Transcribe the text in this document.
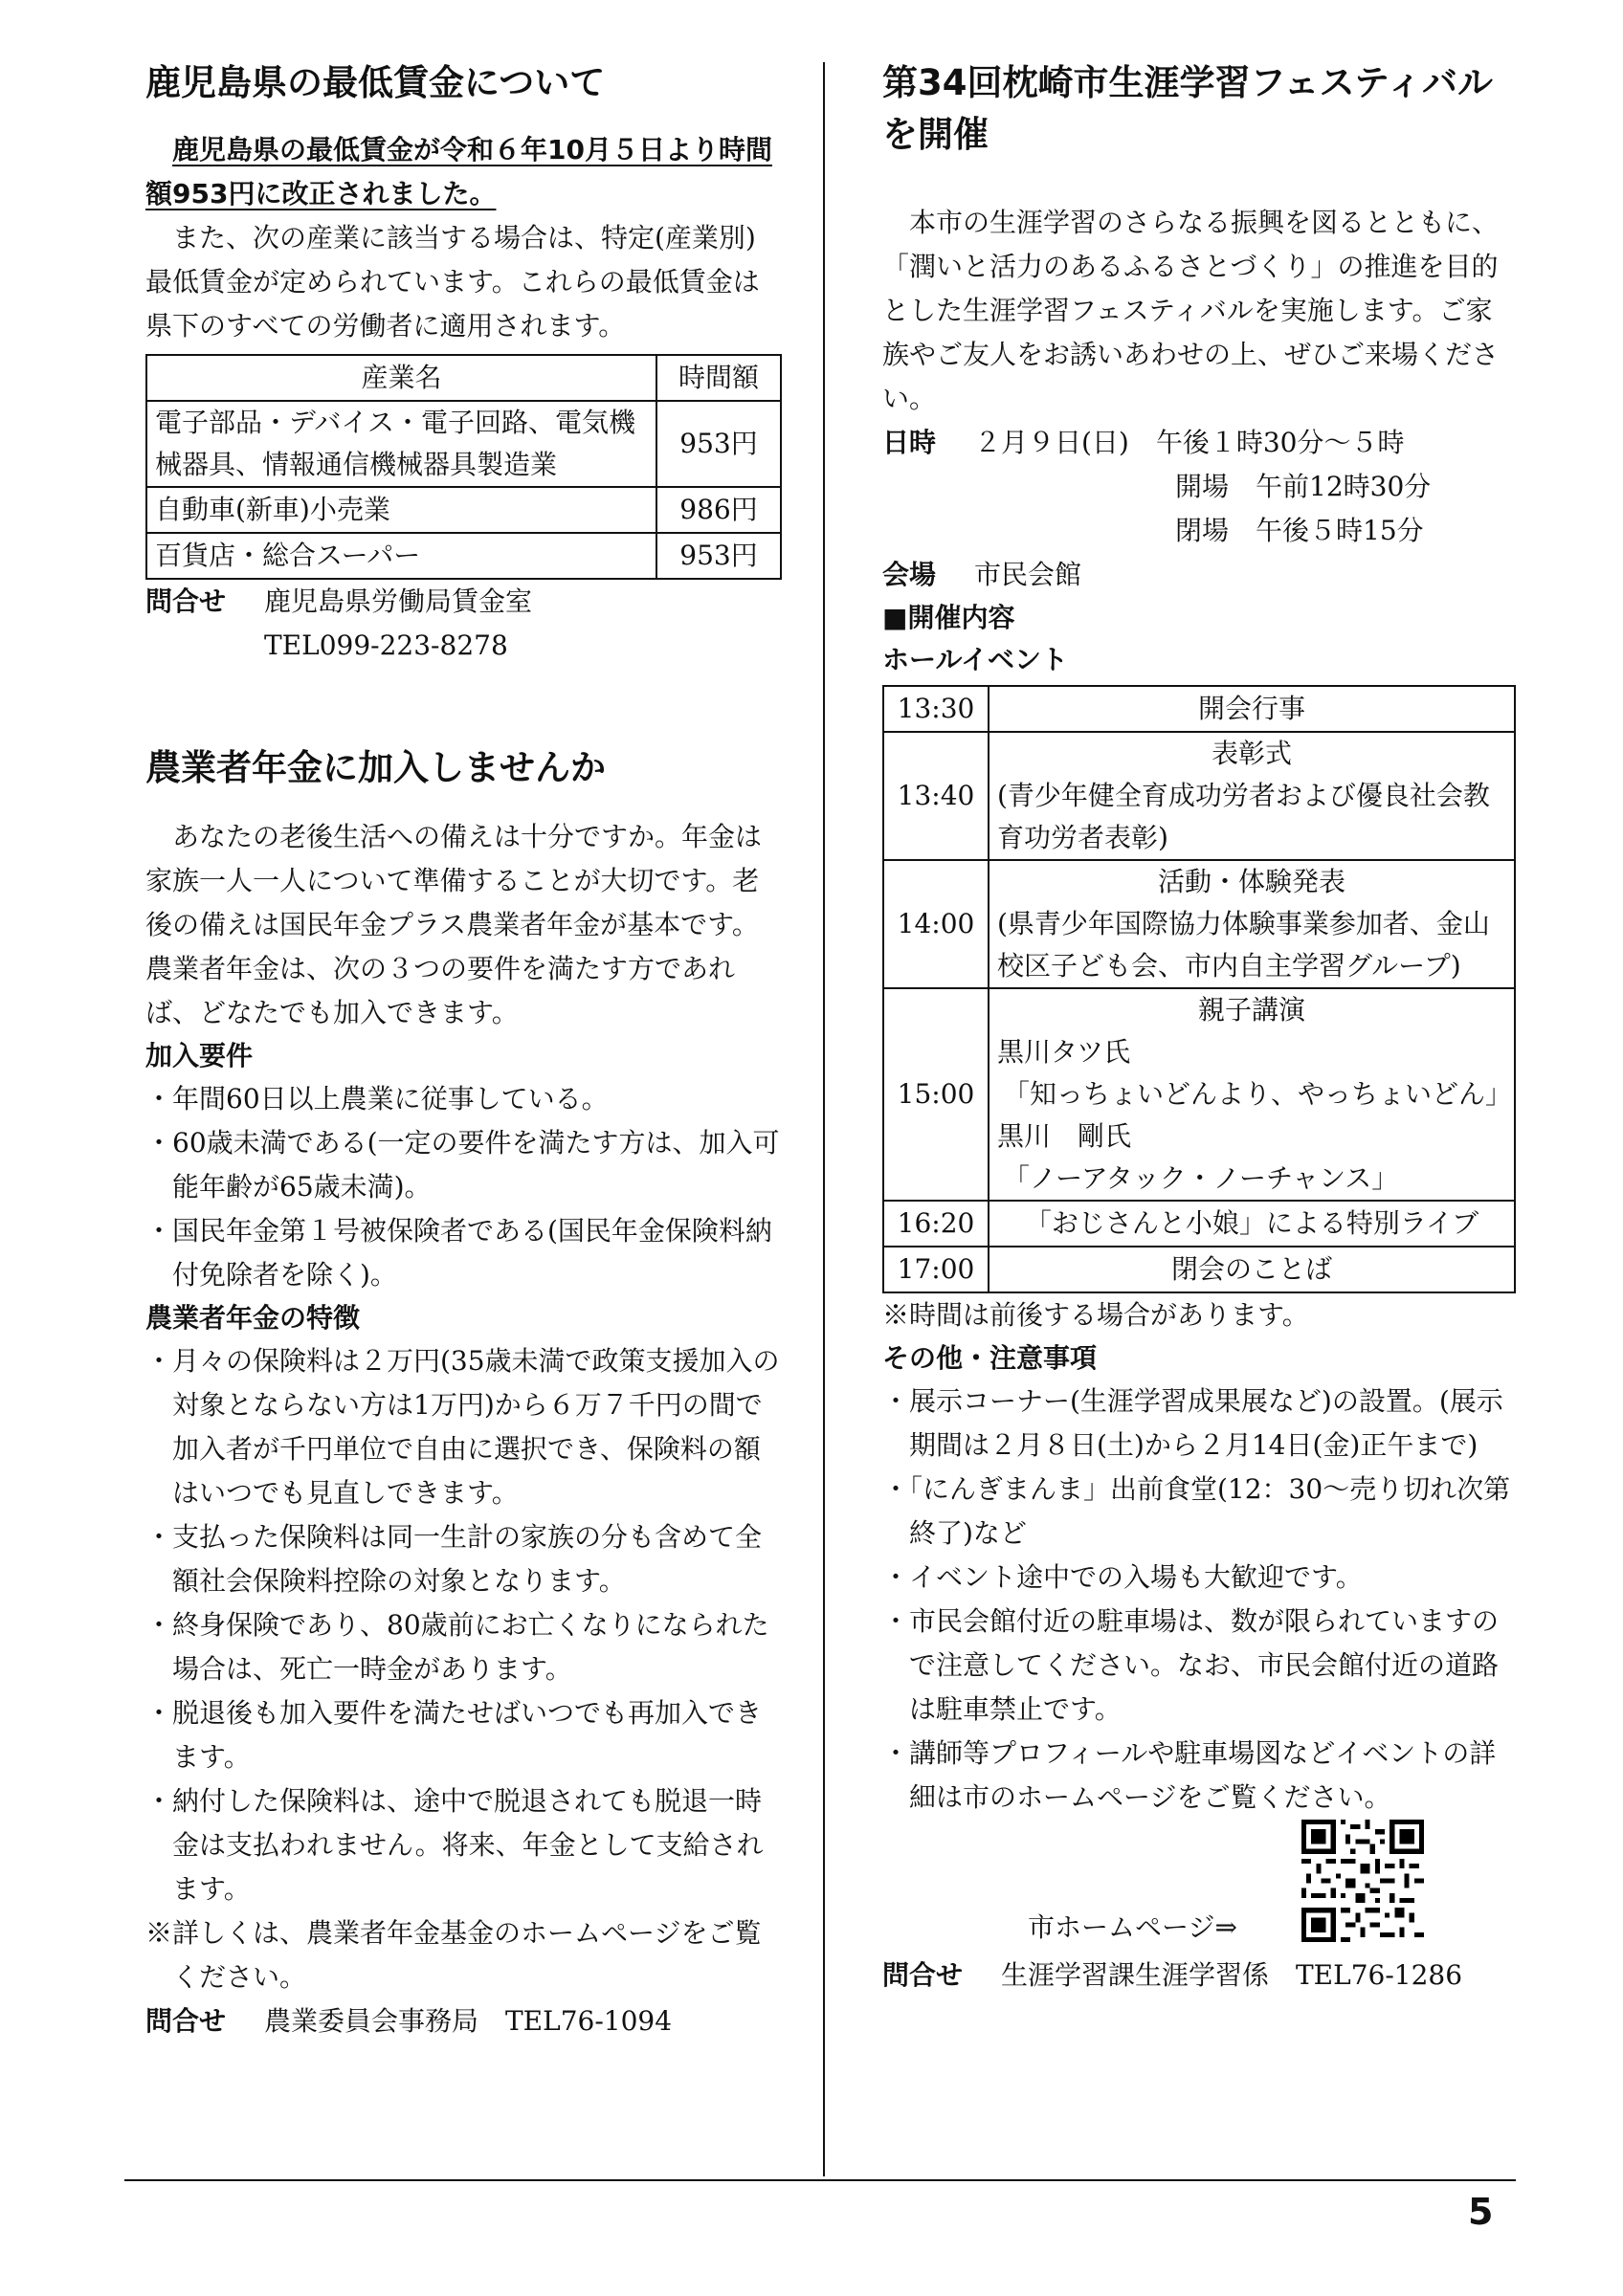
鹿児島県の最低賃金について

鹿児島県の最低賃金が令和６年10月５日より時間額953円に改正されました。

また、次の産業に該当する場合は、特定(産業別)最低賃金が定められています。これらの最低賃金は県下のすべての労働者に適用されます。

産業名	時間額
電子部品・デバイス・電子回路、電気機械器具、情報通信機械器具製造業	953円
自動車(新車)小売業	986円
百貨店・総合スーパー	953円
問合せ	鹿児島県労働局賃金室
TEL099-223-8278
農業者年金に加入しませんか

あなたの老後生活への備えは十分ですか。年金は家族一人一人について準備することが大切です。老後の備えは国民年金プラス農業者年金が基本です。農業者年金は、次の３つの要件を満たす方であれば、どなたでも加入できます。

加入要件
・年間60日以上農業に従事している。
・60歳未満である(一定の要件を満たす方は、加入可能年齢が65歳未満)。
・国民年金第１号被保険者である(国民年金保険料納付免除者を除く)。
農業者年金の特徴
・月々の保険料は２万円(35歳未満で政策支援加入の対象とならない方は1万円)から６万７千円の間で加入者が千円単位で自由に選択でき、保険料の額はいつでも見直しできます。
・支払った保険料は同一生計の家族の分も含めて全額社会保険料控除の対象となります。
・終身保険であり、80歳前にお亡くなりになられた場合は、死亡一時金があります。
・脱退後も加入要件を満たせばいつでも再加入できます。
・納付した保険料は、途中で脱退されても脱退一時金は支払われません。将来、年金として支給されます。
※詳しくは、農業者年金基金のホームページをご覧ください。
問合せ	農業委員会事務局　TEL76-1094
第34回枕崎市生涯学習フェスティバルを開催

本市の生涯学習のさらなる振興を図るとともに、「潤いと活力のあるふるさとづくり」の推進を目的とした生涯学習フェスティバルを実施します。ご家族やご友人をお誘いあわせの上、ぜひご来場ください。

日時	２月９日(日)　午後１時30分～５時
開場　午前12時30分
閉場　午後５時15分
会場	市民会館
■開催内容
ホールイベント
13:30	開会行事
13:40	表彰式
(青少年健全育成功労者および優良社会教育功労者表彰)

14:00	活動・体験発表
(県青少年国際協力体験事業参加者、金山校区子ども会、市内自主学習グループ)

15:00	親子講演
黒川タツ氏
「知っちょいどんより、やっちょいどん」
黒川　剛氏
「ノーアタック・ノーチャンス」

16:20	「おじさんと小娘」による特別ライブ
17:00	閉会のことば
※時間は前後する場合があります。
その他・注意事項
・展示コーナー(生涯学習成果展など)の設置。(展示期間は２月８日(土)から２月14日(金)正午まで)
・「にんぎまんま」出前食堂(12：30～売り切れ次第終了)など
・イベント途中での入場も大歓迎です。
・市民会館付近の駐車場は、数が限られていますので注意してください。なお、市民会館付近の道路は駐車禁止です。
・講師等プロフィールや駐車場図などイベントの詳細は市のホームページをご覧ください。
市ホームページ⇒
問合せ	生涯学習課生涯学習係　TEL76-1286
5
